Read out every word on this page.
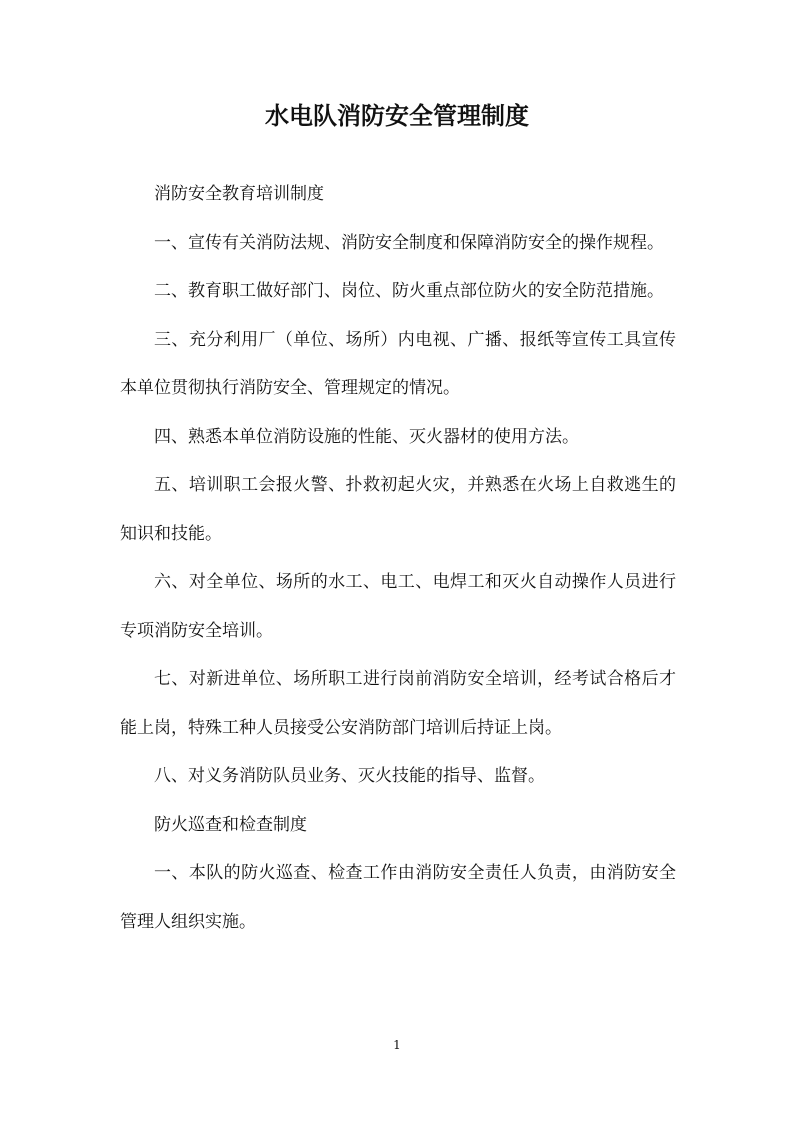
水电队消防安全管理制度

消防安全教育培训制度

一、宣传有关消防法规、消防安全制度和保障消防安全的操作规程。

二、教育职工做好部门、岗位、防火重点部位防火的安全防范措施。

三、充分利用厂（单位、场所）内电视、广播、报纸等宣传工具宣传本单位贯彻执行消防安全、管理规定的情况。

四、熟悉本单位消防设施的性能、灭火器材的使用方法。

五、培训职工会报火警、扑救初起火灾，并熟悉在火场上自救逃生的知识和技能。

六、对全单位、场所的水工、电工、电焊工和灭火自动操作人员进行专项消防安全培训。

七、对新进单位、场所职工进行岗前消防安全培训，经考试合格后才能上岗，特殊工种人员接受公安消防部门培训后持证上岗。

八、对义务消防队员业务、灭火技能的指导、监督。

防火巡查和检查制度

一、本队的防火巡查、检查工作由消防安全责任人负责，由消防安全管理人组织实施。

1
